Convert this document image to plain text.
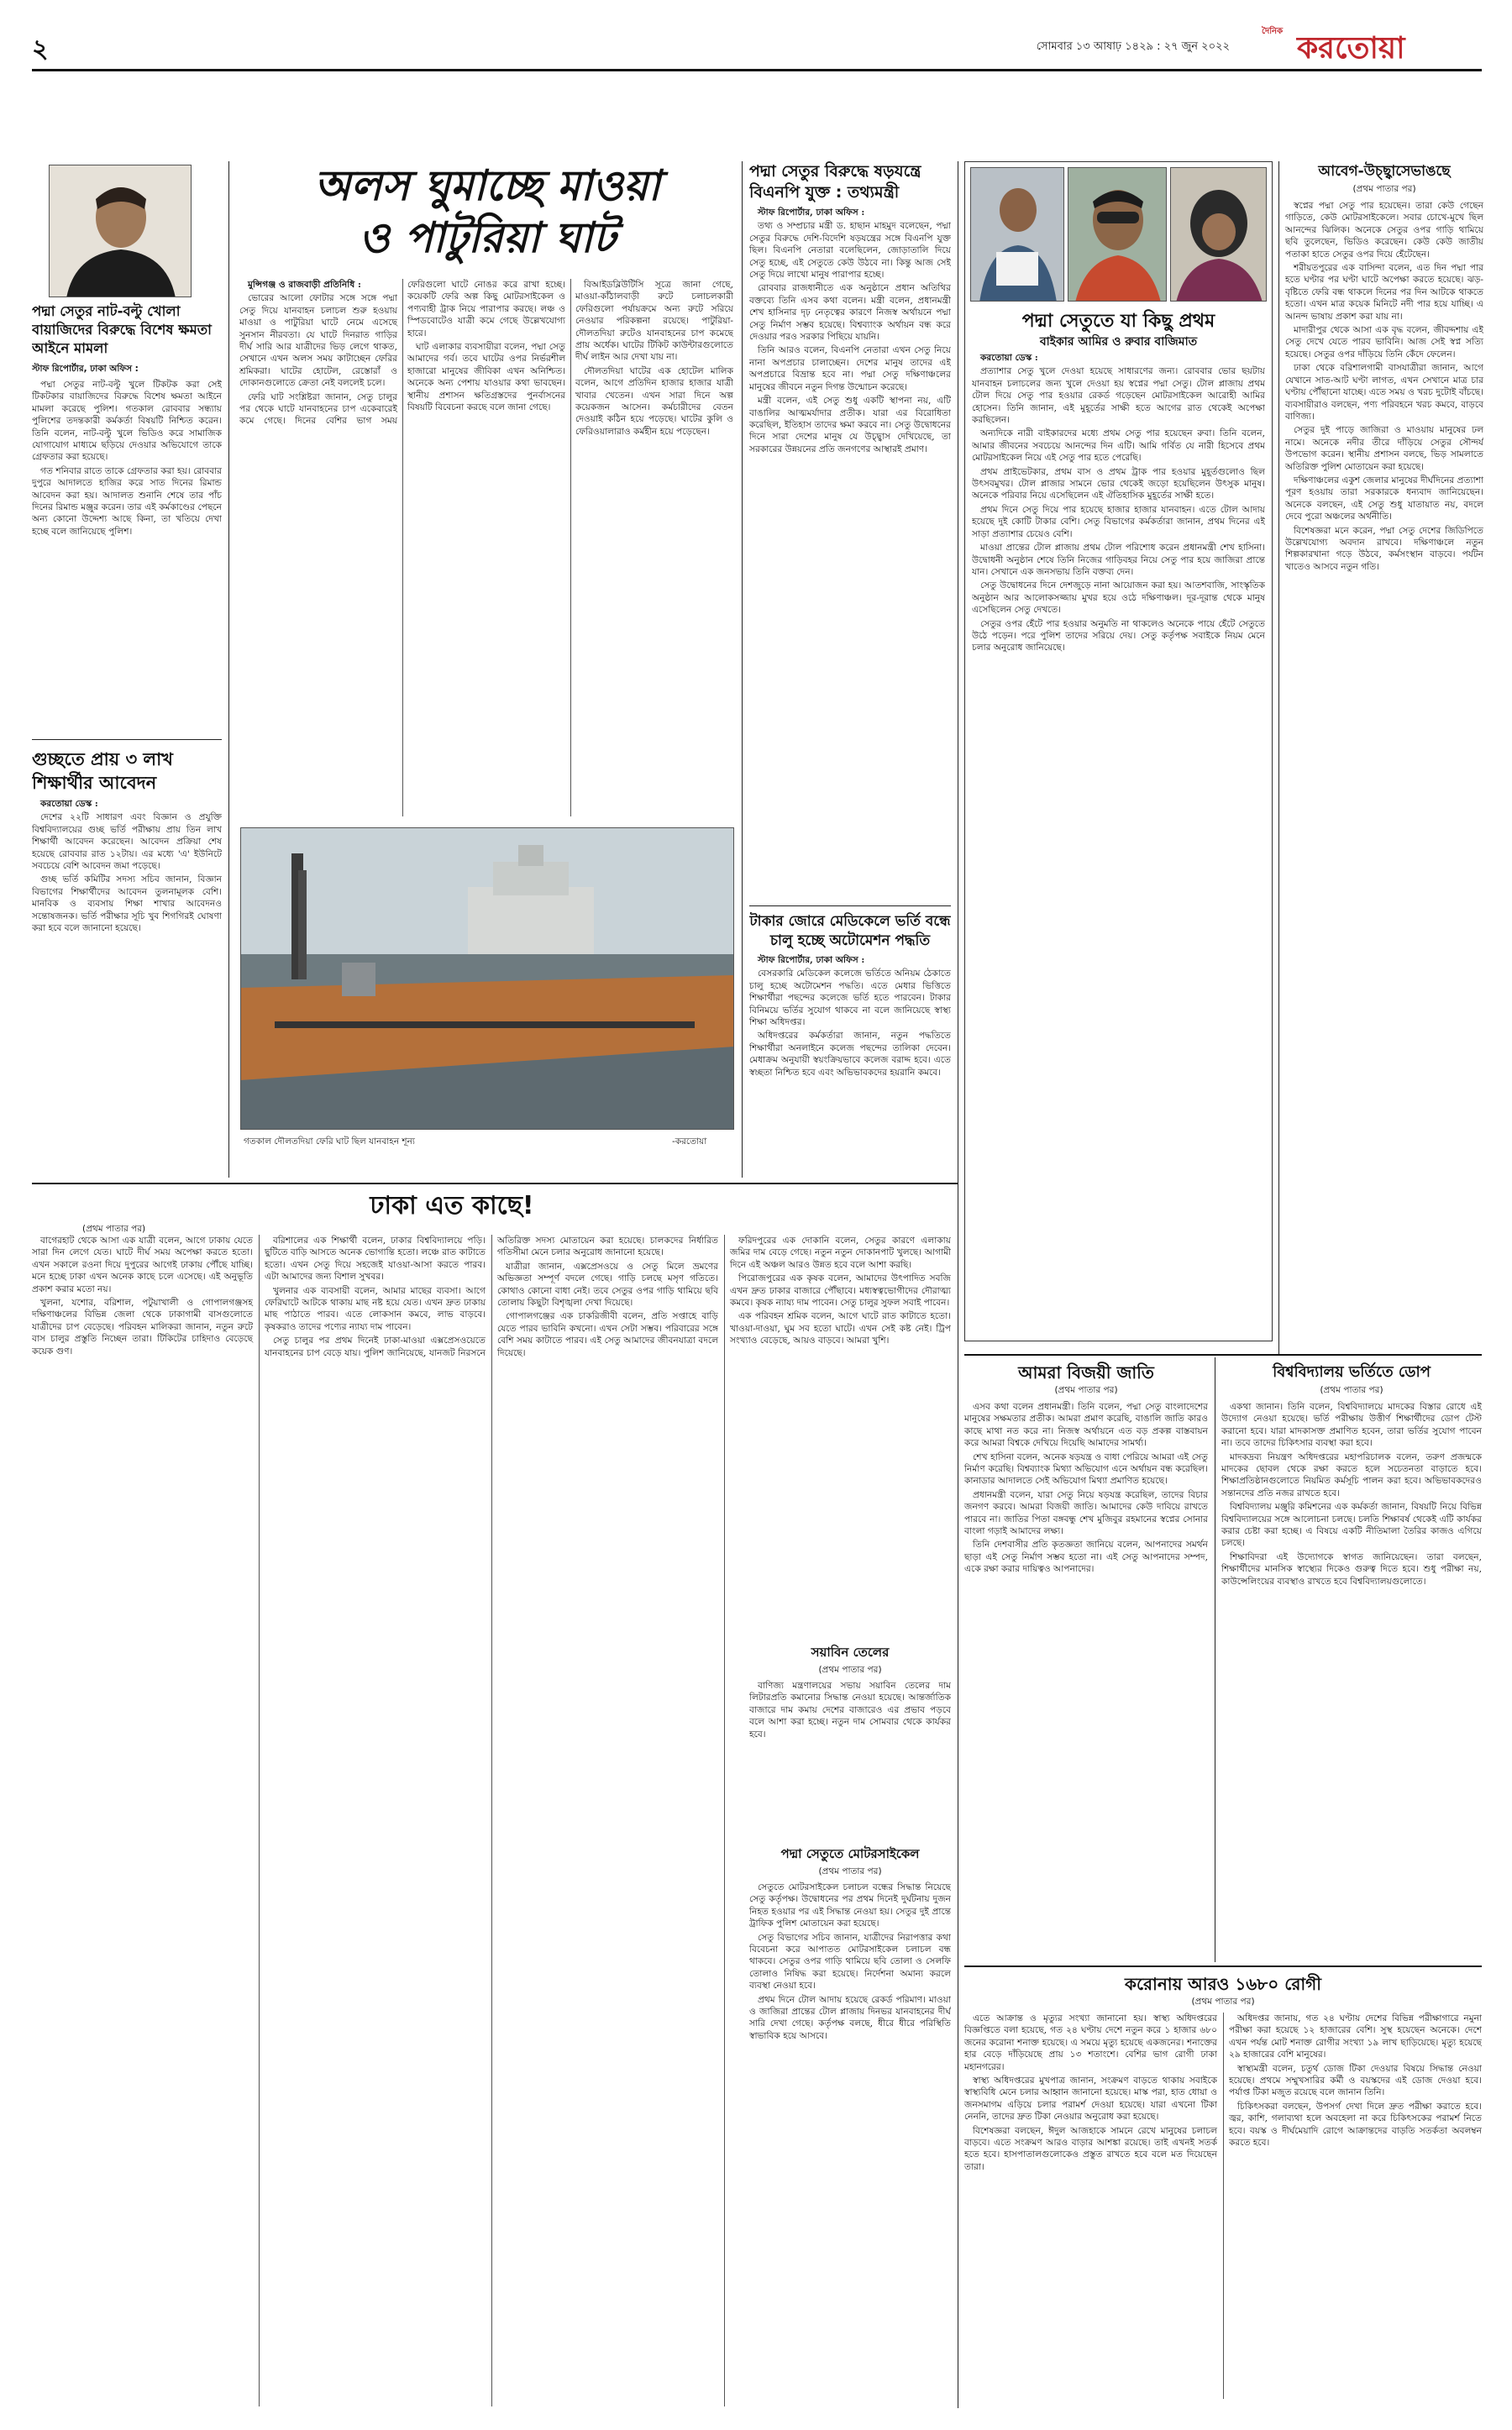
২	সোমবার ১৩ আষাঢ় ১৪২৯ : ২৭ জুন ২০২২
দৈনিক করতোয়া
পদ্মা সেতুর নাট-বল্টু খোলা বায়াজিদের বিরুদ্ধে বিশেষ ক্ষমতা আইনে মামলা
স্টাফ রিপোর্টার, ঢাকা অফিস :

পদ্মা সেতুর নাট-বল্টু খুলে টিকটক করা সেই টিকটকার বায়াজিদের বিরুদ্ধে বিশেষ ক্ষমতা আইনে মামলা করেছে পুলিশ। গতকাল রোববার সন্ধ্যায় পুলিশের তদন্তকারী কর্মকর্তা বিষয়টি নিশ্চিত করেন। তিনি বলেন, নাট-বল্টু খুলে ভিডিও করে সামাজিক যোগাযোগ মাধ্যমে ছড়িয়ে দেওয়ার অভিযোগে তাকে গ্রেফতার করা হয়েছে।

গত শনিবার রাতে তাকে গ্রেফতার করা হয়। রোববার দুপুরে আদালতে হাজির করে সাত দিনের রিমান্ড আবেদন করা হয়। আদালত শুনানি শেষে তার পাঁচ দিনের রিমান্ড মঞ্জুর করেন। তার এই কর্মকাণ্ডের পেছনে অন্য কোনো উদ্দেশ্য আছে কিনা, তা খতিয়ে দেখা হচ্ছে বলে জানিয়েছে পুলিশ।

গুচ্ছতে প্রায় ৩ লাখ শিক্ষার্থীর আবেদন

করতোয়া ডেস্ক :

দেশের ২২টি সাধারণ এবং বিজ্ঞান ও প্রযুক্তি বিশ্ববিদ্যালয়ের গুচ্ছ ভর্তি পরীক্ষায় প্রায় তিন লাখ শিক্ষার্থী আবেদন করেছেন। আবেদন প্রক্রিয়া শেষ হয়েছে রোববার রাত ১২টায়। এর মধ্যে 'এ' ইউনিটে সবচেয়ে বেশি আবেদন জমা পড়েছে।

গুচ্ছ ভর্তি কমিটির সদস্য সচিব জানান, বিজ্ঞান বিভাগের শিক্ষার্থীদের আবেদন তুলনামূলক বেশি। মানবিক ও ব্যবসায় শিক্ষা শাখার আবেদনও সন্তোষজনক। ভর্তি পরীক্ষার সূচি খুব শিগগিরই ঘোষণা করা হবে বলে জানানো হয়েছে।

অলস ঘুমাচ্ছে মাওয়া
ও পাটুরিয়া ঘাট

মুন্সিগঞ্জ ও রাজবাড়ী প্রতিনিধি :

ভোরের আলো ফোটার সঙ্গে সঙ্গে পদ্মা সেতু দিয়ে যানবাহন চলাচল শুরু হওয়ায় মাওয়া ও পাটুরিয়া ঘাটে নেমে এসেছে সুনসান নীরবতা। যে ঘাটে দিনরাত গাড়ির দীর্ঘ সারি আর যাত্রীদের ভিড় লেগে থাকত, সেখানে এখন অলস সময় কাটাচ্ছেন ফেরির শ্রমিকরা। ঘাটের হোটেল, রেস্তোরাঁ ও দোকানগুলোতে ক্রেতা নেই বললেই চলে।

ফেরি ঘাট সংশ্লিষ্টরা জানান, সেতু চালুর পর থেকে ঘাটে যানবাহনের চাপ একেবারেই কমে গেছে। দিনের বেশির ভাগ সময় ফেরিগুলো ঘাটে নোঙর করে রাখা হচ্ছে। কয়েকটি ফেরি অল্প কিছু মোটরসাইকেল ও পণ্যবাহী ট্রাক নিয়ে পারাপার করছে। লঞ্চ ও স্পিডবোটেও যাত্রী কমে গেছে উল্লেখযোগ্য হারে।

ঘাট এলাকার ব্যবসায়ীরা বলেন, পদ্মা সেতু আমাদের গর্ব। তবে ঘাটের ওপর নির্ভরশীল হাজারো মানুষের জীবিকা এখন অনিশ্চিত। অনেকে অন্য পেশায় যাওয়ার কথা ভাবছেন। স্থানীয় প্রশাসন ক্ষতিগ্রস্তদের পুনর্বাসনের বিষয়টি বিবেচনা করছে বলে জানা গেছে।

বিআইডব্লিউটিসি সূত্রে জানা গেছে, মাওয়া-কাঁঠালবাড়ী রুটে চলাচলকারী ফেরিগুলো পর্যায়ক্রমে অন্য রুটে সরিয়ে নেওয়ার পরিকল্পনা রয়েছে। পাটুরিয়া-দৌলতদিয়া রুটেও যানবাহনের চাপ কমেছে প্রায় অর্ধেক। ঘাটের টিকিট কাউন্টারগুলোতে দীর্ঘ লাইন আর দেখা যায় না।

দৌলতদিয়া ঘাটের এক হোটেল মালিক বলেন, আগে প্রতিদিন হাজার হাজার যাত্রী খাবার খেতেন। এখন সারা দিনে অল্প কয়েকজন আসেন। কর্মচারীদের বেতন দেওয়াই কঠিন হয়ে পড়েছে। ঘাটের কুলি ও ফেরিওয়ালারাও কর্মহীন হয়ে পড়েছেন।

গতকাল দৌলতদিয়া ফেরি ঘাট ছিল যানবাহন শূন্য	-করতোয়া
পদ্মা সেতুর বিরুদ্ধে ষড়যন্ত্রে বিএনপি যুক্ত : তথ্যমন্ত্রী

স্টাফ রিপোর্টার, ঢাকা অফিস :

তথ্য ও সম্প্রচার মন্ত্রী ড. হাছান মাহমুদ বলেছেন, পদ্মা সেতুর বিরুদ্ধে দেশি-বিদেশি ষড়যন্ত্রের সঙ্গে বিএনপি যুক্ত ছিল। বিএনপি নেতারা বলেছিলেন, জোড়াতালি দিয়ে সেতু হচ্ছে, এই সেতুতে কেউ উঠবে না। কিন্তু আজ সেই সেতু দিয়ে লাখো মানুষ পারাপার হচ্ছে।

রোববার রাজধানীতে এক অনুষ্ঠানে প্রধান অতিথির বক্তব্যে তিনি এসব কথা বলেন। মন্ত্রী বলেন, প্রধানমন্ত্রী শেখ হাসিনার দৃঢ় নেতৃত্বের কারণে নিজস্ব অর্থায়নে পদ্মা সেতু নির্মাণ সম্ভব হয়েছে। বিশ্বব্যাংক অর্থায়ন বন্ধ করে দেওয়ার পরও সরকার পিছিয়ে যায়নি।

তিনি আরও বলেন, বিএনপি নেতারা এখন সেতু নিয়ে নানা অপপ্রচার চালাচ্ছেন। দেশের মানুষ তাদের এই অপপ্রচারে বিভ্রান্ত হবে না। পদ্মা সেতু দক্ষিণাঞ্চলের মানুষের জীবনে নতুন দিগন্ত উন্মোচন করেছে।

মন্ত্রী বলেন, এই সেতু শুধু একটি স্থাপনা নয়, এটি বাঙালির আত্মমর্যাদার প্রতীক। যারা এর বিরোধিতা করেছিল, ইতিহাস তাদের ক্ষমা করবে না। সেতু উদ্বোধনের দিনে সারা দেশের মানুষ যে উচ্ছ্বাস দেখিয়েছে, তা সরকারের উন্নয়নের প্রতি জনগণের আস্থারই প্রমাণ।

টাকার জোরে মেডিকেলে ভর্তি বন্ধে চালু হচ্ছে অটোমেশন পদ্ধতি

স্টাফ রিপোর্টার, ঢাকা অফিস :

বেসরকারি মেডিকেল কলেজে ভর্তিতে অনিয়ম ঠেকাতে চালু হচ্ছে অটোমেশন পদ্ধতি। এতে মেধার ভিত্তিতে শিক্ষার্থীরা পছন্দের কলেজে ভর্তি হতে পারবেন। টাকার বিনিময়ে ভর্তির সুযোগ থাকবে না বলে জানিয়েছে স্বাস্থ্য শিক্ষা অধিদপ্তর।

অধিদপ্তরের কর্মকর্তারা জানান, নতুন পদ্ধতিতে শিক্ষার্থীরা অনলাইনে কলেজ পছন্দের তালিকা দেবেন। মেধাক্রম অনুযায়ী স্বয়ংক্রিয়ভাবে কলেজ বরাদ্দ হবে। এতে স্বচ্ছতা নিশ্চিত হবে এবং অভিভাবকদের হয়রানি কমবে।

পদ্মা সেতুতে যা কিছু প্রথম
বাইকার আমির ও রুবার বাজিমাত

করতোয়া ডেস্ক :

প্রত্যাশার সেতু খুলে দেওয়া হয়েছে সাধারণের জন্য। রোববার ভোর ছয়টায় যানবাহন চলাচলের জন্য খুলে দেওয়া হয় স্বপ্নের পদ্মা সেতু। টোল প্লাজায় প্রথম টোল দিয়ে সেতু পার হওয়ার রেকর্ড গড়েছেন মোটরসাইকেল আরোহী আমির হোসেন। তিনি জানান, এই মুহূর্তের সাক্ষী হতে আগের রাত থেকেই অপেক্ষা করছিলেন।

অন্যদিকে নারী বাইকারদের মধ্যে প্রথম সেতু পার হয়েছেন রুবা। তিনি বলেন, আমার জীবনের সবচেয়ে আনন্দের দিন এটি। আমি গর্বিত যে নারী হিসেবে প্রথম মোটরসাইকেল নিয়ে এই সেতু পার হতে পেরেছি।

প্রথম প্রাইভেটকার, প্রথম বাস ও প্রথম ট্রাক পার হওয়ার মুহূর্তগুলোও ছিল উৎসবমুখর। টোল প্লাজার সামনে ভোর থেকেই জড়ো হয়েছিলেন উৎসুক মানুষ। অনেকে পরিবার নিয়ে এসেছিলেন এই ঐতিহাসিক মুহূর্তের সাক্ষী হতে।

প্রথম দিনে সেতু দিয়ে পার হয়েছে হাজার হাজার যানবাহন। এতে টোল আদায় হয়েছে দুই কোটি টাকার বেশি। সেতু বিভাগের কর্মকর্তারা জানান, প্রথম দিনের এই সাড়া প্রত্যাশার চেয়েও বেশি।

মাওয়া প্রান্তের টোল প্লাজায় প্রথম টোল পরিশোধ করেন প্রধানমন্ত্রী শেখ হাসিনা। উদ্বোধনী অনুষ্ঠান শেষে তিনি নিজের গাড়িবহর নিয়ে সেতু পার হয়ে জাজিরা প্রান্তে যান। সেখানে এক জনসভায় তিনি বক্তব্য দেন।

সেতু উদ্বোধনের দিনে দেশজুড়ে নানা আয়োজন করা হয়। আতশবাজি, সাংস্কৃতিক অনুষ্ঠান আর আলোকসজ্জায় মুখর হয়ে ওঠে দক্ষিণাঞ্চল। দূর-দূরান্ত থেকে মানুষ এসেছিলেন সেতু দেখতে।

সেতুর ওপর হেঁটে পার হওয়ার অনুমতি না থাকলেও অনেকে পায়ে হেঁটে সেতুতে উঠে পড়েন। পরে পুলিশ তাদের সরিয়ে দেয়। সেতু কর্তৃপক্ষ সবাইকে নিয়ম মেনে চলার অনুরোধ জানিয়েছে।

আবেগ-উচ্ছ্বাসেভাঙছে
(প্রথম পাতার পর)

স্বপ্নের পদ্মা সেতু পার হয়েছেন। তারা কেউ গেছেন গাড়িতে, কেউ মোটরসাইকেলে। সবার চোখে-মুখে ছিল আনন্দের ঝিলিক। অনেকে সেতুর ওপর গাড়ি থামিয়ে ছবি তুলেছেন, ভিডিও করেছেন। কেউ কেউ জাতীয় পতাকা হাতে সেতুর ওপর দিয়ে হেঁটেছেন।

শরীয়তপুরের এক বাসিন্দা বলেন, এত দিন পদ্মা পার হতে ঘণ্টার পর ঘণ্টা ঘাটে অপেক্ষা করতে হয়েছে। ঝড়-বৃষ্টিতে ফেরি বন্ধ থাকলে দিনের পর দিন আটকে থাকতে হতো। এখন মাত্র কয়েক মিনিটে নদী পার হয়ে যাচ্ছি। এ আনন্দ ভাষায় প্রকাশ করা যায় না।

মাদারীপুর থেকে আসা এক বৃদ্ধ বলেন, জীবদ্দশায় এই সেতু দেখে যেতে পারব ভাবিনি। আজ সেই স্বপ্ন সত্যি হয়েছে। সেতুর ওপর দাঁড়িয়ে তিনি কেঁদে ফেলেন।

ঢাকা থেকে বরিশালগামী বাসযাত্রীরা জানান, আগে যেখানে সাত-আট ঘণ্টা লাগত, এখন সেখানে মাত্র চার ঘণ্টায় পৌঁছানো যাচ্ছে। এতে সময় ও খরচ দুটোই বাঁচছে। ব্যবসায়ীরাও বলছেন, পণ্য পরিবহনে খরচ কমবে, বাড়বে বাণিজ্য।

সেতুর দুই পাড়ে জাজিরা ও মাওয়ায় মানুষের ঢল নামে। অনেকে নদীর তীরে দাঁড়িয়ে সেতুর সৌন্দর্য উপভোগ করেন। স্থানীয় প্রশাসন বলছে, ভিড় সামলাতে অতিরিক্ত পুলিশ মোতায়েন করা হয়েছে।

দক্ষিণাঞ্চলের একুশ জেলার মানুষের দীর্ঘদিনের প্রত্যাশা পূরণ হওয়ায় তারা সরকারকে ধন্যবাদ জানিয়েছেন। অনেকে বলছেন, এই সেতু শুধু যাতায়াত নয়, বদলে দেবে পুরো অঞ্চলের অর্থনীতি।

বিশেষজ্ঞরা মনে করেন, পদ্মা সেতু দেশের জিডিপিতে উল্লেখযোগ্য অবদান রাখবে। দক্ষিণাঞ্চলে নতুন শিল্পকারখানা গড়ে উঠবে, কর্মসংস্থান বাড়বে। পর্যটন খাতেও আসবে নতুন গতি।

ঢাকা এত কাছে!
(প্রথম পাতার পর)

বাগেরহাট থেকে আসা এক যাত্রী বলেন, আগে ঢাকায় যেতে সারা দিন লেগে যেত। ঘাটে দীর্ঘ সময় অপেক্ষা করতে হতো। এখন সকালে রওনা দিয়ে দুপুরের আগেই ঢাকায় পৌঁছে যাচ্ছি। মনে হচ্ছে ঢাকা এখন অনেক কাছে চলে এসেছে। এই অনুভূতি প্রকাশ করার মতো নয়।

খুলনা, যশোর, বরিশাল, পটুয়াখালী ও গোপালগঞ্জসহ দক্ষিণাঞ্চলের বিভিন্ন জেলা থেকে ঢাকাগামী বাসগুলোতে যাত্রীদের চাপ বেড়েছে। পরিবহন মালিকরা জানান, নতুন রুটে বাস চালুর প্রস্তুতি নিচ্ছেন তারা। টিকিটের চাহিদাও বেড়েছে কয়েক গুণ।

বরিশালের এক শিক্ষার্থী বলেন, ঢাকার বিশ্ববিদ্যালয়ে পড়ি। ছুটিতে বাড়ি আসতে অনেক ভোগান্তি হতো। লঞ্চে রাত কাটাতে হতো। এখন সেতু দিয়ে সহজেই যাওয়া-আসা করতে পারব। এটা আমাদের জন্য বিশাল সুখবর।

খুলনার এক ব্যবসায়ী বলেন, আমার মাছের ব্যবসা। আগে ফেরিঘাটে আটকে থাকায় মাছ নষ্ট হয়ে যেত। এখন দ্রুত ঢাকায় মাছ পাঠাতে পারব। এতে লোকসান কমবে, লাভ বাড়বে। কৃষকরাও তাদের পণ্যের ন্যায্য দাম পাবেন।

সেতু চালুর পর প্রথম দিনেই ঢাকা-মাওয়া এক্সপ্রেসওয়েতে যানবাহনের চাপ বেড়ে যায়। পুলিশ জানিয়েছে, যানজট নিরসনে অতিরিক্ত সদস্য মোতায়েন করা হয়েছে। চালকদের নির্ধারিত গতিসীমা মেনে চলার অনুরোধ জানানো হয়েছে।

যাত্রীরা জানান, এক্সপ্রেসওয়ে ও সেতু মিলে ভ্রমণের অভিজ্ঞতা সম্পূর্ণ বদলে গেছে। গাড়ি চলছে মসৃণ গতিতে। কোথাও কোনো বাধা নেই। তবে সেতুর ওপর গাড়ি থামিয়ে ছবি তোলায় কিছুটা বিশৃঙ্খলা দেখা দিয়েছে।

গোপালগঞ্জের এক চাকরিজীবী বলেন, প্রতি সপ্তাহে বাড়ি যেতে পারব ভাবিনি কখনো। এখন সেটা সম্ভব। পরিবারের সঙ্গে বেশি সময় কাটাতে পারব। এই সেতু আমাদের জীবনযাত্রা বদলে দিয়েছে।

ফরিদপুরের এক দোকানি বলেন, সেতুর কারণে এলাকায় জমির দাম বেড়ে গেছে। নতুন নতুন দোকানপাট খুলছে। আগামী দিনে এই অঞ্চল আরও উন্নত হবে বলে আশা করছি।

পিরোজপুরের এক কৃষক বলেন, আমাদের উৎপাদিত সবজি এখন দ্রুত ঢাকার বাজারে পৌঁছাবে। মধ্যস্বত্বভোগীদের দৌরাত্ম্য কমবে। কৃষক ন্যায্য দাম পাবেন। সেতু চালুর সুফল সবাই পাবেন।

এক পরিবহন শ্রমিক বলেন, আগে ঘাটে রাত কাটাতে হতো। খাওয়া-দাওয়া, ঘুম সব হতো ঘাটে। এখন সেই কষ্ট নেই। ট্রিপ সংখ্যাও বেড়েছে, আয়ও বাড়বে। আমরা খুশি।

সয়াবিন তেলের
(প্রথম পাতার পর)

বাণিজ্য মন্ত্রণালয়ের সভায় সয়াবিন তেলের দাম লিটারপ্রতি কমানোর সিদ্ধান্ত নেওয়া হয়েছে। আন্তর্জাতিক বাজারে দাম কমায় দেশের বাজারেও এর প্রভাব পড়বে বলে আশা করা হচ্ছে। নতুন দাম সোমবার থেকে কার্যকর হবে।

পদ্মা সেতুতে মোটরসাইকেল
(প্রথম পাতার পর)

সেতুতে মোটরসাইকেল চলাচল বন্ধের সিদ্ধান্ত নিয়েছে সেতু কর্তৃপক্ষ। উদ্বোধনের পর প্রথম দিনেই দুর্ঘটনায় দুজন নিহত হওয়ার পর এই সিদ্ধান্ত নেওয়া হয়। সেতুর দুই প্রান্তে ট্রাফিক পুলিশ মোতায়েন করা হয়েছে।

সেতু বিভাগের সচিব জানান, যাত্রীদের নিরাপত্তার কথা বিবেচনা করে আপাতত মোটরসাইকেল চলাচল বন্ধ থাকবে। সেতুর ওপর গাড়ি থামিয়ে ছবি তোলা ও সেলফি তোলাও নিষিদ্ধ করা হয়েছে। নির্দেশনা অমান্য করলে ব্যবস্থা নেওয়া হবে।

প্রথম দিনে টোল আদায় হয়েছে রেকর্ড পরিমাণ। মাওয়া ও জাজিরা প্রান্তের টোল প্লাজায় দিনভর যানবাহনের দীর্ঘ সারি দেখা গেছে। কর্তৃপক্ষ বলছে, ধীরে ধীরে পরিস্থিতি স্বাভাবিক হয়ে আসবে।

আমরা বিজয়ী জাতি
(প্রথম পাতার পর)

এসব কথা বলেন প্রধানমন্ত্রী। তিনি বলেন, পদ্মা সেতু বাংলাদেশের মানুষের সক্ষমতার প্রতীক। আমরা প্রমাণ করেছি, বাঙালি জাতি কারও কাছে মাথা নত করে না। নিজস্ব অর্থায়নে এত বড় প্রকল্প বাস্তবায়ন করে আমরা বিশ্বকে দেখিয়ে দিয়েছি আমাদের সামর্থ্য।

শেখ হাসিনা বলেন, অনেক ষড়যন্ত্র ও বাধা পেরিয়ে আমরা এই সেতু নির্মাণ করেছি। বিশ্বব্যাংক মিথ্যা অভিযোগ এনে অর্থায়ন বন্ধ করেছিল। কানাডার আদালতে সেই অভিযোগ মিথ্যা প্রমাণিত হয়েছে।

প্রধানমন্ত্রী বলেন, যারা সেতু নিয়ে ষড়যন্ত্র করেছিল, তাদের বিচার জনগণ করবে। আমরা বিজয়ী জাতি। আমাদের কেউ দাবিয়ে রাখতে পারবে না। জাতির পিতা বঙ্গবন্ধু শেখ মুজিবুর রহমানের স্বপ্নের সোনার বাংলা গড়াই আমাদের লক্ষ্য।

তিনি দেশবাসীর প্রতি কৃতজ্ঞতা জানিয়ে বলেন, আপনাদের সমর্থন ছাড়া এই সেতু নির্মাণ সম্ভব হতো না। এই সেতু আপনাদের সম্পদ, একে রক্ষা করার দায়িত্বও আপনাদের।

বিশ্ববিদ্যালয় ভর্তিতে ডোপ
(প্রথম পাতার পর)

একথা জানান। তিনি বলেন, বিশ্ববিদ্যালয়ে মাদকের বিস্তার রোধে এই উদ্যোগ নেওয়া হয়েছে। ভর্তি পরীক্ষায় উত্তীর্ণ শিক্ষার্থীদের ডোপ টেস্ট করানো হবে। যারা মাদকাসক্ত প্রমাণিত হবেন, তারা ভর্তির সুযোগ পাবেন না। তবে তাদের চিকিৎসার ব্যবস্থা করা হবে।

মাদকদ্রব্য নিয়ন্ত্রণ অধিদপ্তরের মহাপরিচালক বলেন, তরুণ প্রজন্মকে মাদকের ছোবল থেকে রক্ষা করতে হলে সচেতনতা বাড়াতে হবে। শিক্ষাপ্রতিষ্ঠানগুলোতে নিয়মিত কর্মসূচি পালন করা হবে। অভিভাবকদেরও সন্তানদের প্রতি নজর রাখতে হবে।

বিশ্ববিদ্যালয় মঞ্জুরি কমিশনের এক কর্মকর্তা জানান, বিষয়টি নিয়ে বিভিন্ন বিশ্ববিদ্যালয়ের সঙ্গে আলোচনা চলছে। চলতি শিক্ষাবর্ষ থেকেই এটি কার্যকর করার চেষ্টা করা হচ্ছে। এ বিষয়ে একটি নীতিমালা তৈরির কাজও এগিয়ে চলছে।

শিক্ষাবিদরা এই উদ্যোগকে স্বাগত জানিয়েছেন। তারা বলছেন, শিক্ষার্থীদের মানসিক স্বাস্থ্যের দিকেও গুরুত্ব দিতে হবে। শুধু পরীক্ষা নয়, কাউন্সেলিংয়ের ব্যবস্থাও রাখতে হবে বিশ্ববিদ্যালয়গুলোতে।

করোনায় আরও ১৬৮০ রোগী
(প্রথম পাতার পর)

এতে আক্রান্ত ও মৃত্যুর সংখ্যা জানানো হয়। স্বাস্থ্য অধিদপ্তরের বিজ্ঞপ্তিতে বলা হয়েছে, গত ২৪ ঘণ্টায় দেশে নতুন করে ১ হাজার ৬৮০ জনের করোনা শনাক্ত হয়েছে। এ সময়ে মৃত্যু হয়েছে একজনের। শনাক্তের হার বেড়ে দাঁড়িয়েছে প্রায় ১৩ শতাংশে। বেশির ভাগ রোগী ঢাকা মহানগরের।

স্বাস্থ্য অধিদপ্তরের মুখপাত্র জানান, সংক্রমণ বাড়তে থাকায় সবাইকে স্বাস্থ্যবিধি মেনে চলার আহ্বান জানানো হয়েছে। মাস্ক পরা, হাত ধোয়া ও জনসমাগম এড়িয়ে চলার পরামর্শ দেওয়া হয়েছে। যারা এখনো টিকা নেননি, তাদের দ্রুত টিকা নেওয়ার অনুরোধ করা হয়েছে।

বিশেষজ্ঞরা বলছেন, ঈদুল আজহাকে সামনে রেখে মানুষের চলাচল বাড়বে। এতে সংক্রমণ আরও বাড়ার আশঙ্কা রয়েছে। তাই এখনই সতর্ক হতে হবে। হাসপাতালগুলোকেও প্রস্তুত রাখতে হবে বলে মত দিয়েছেন তারা।

অধিদপ্তর জানায়, গত ২৪ ঘণ্টায় দেশের বিভিন্ন পরীক্ষাগারে নমুনা পরীক্ষা করা হয়েছে ১২ হাজারের বেশি। সুস্থ হয়েছেন অনেকে। দেশে এখন পর্যন্ত মোট শনাক্ত রোগীর সংখ্যা ১৯ লাখ ছাড়িয়েছে। মৃত্যু হয়েছে ২৯ হাজারের বেশি মানুষের।

স্বাস্থ্যমন্ত্রী বলেন, চতুর্থ ডোজ টিকা দেওয়ার বিষয়ে সিদ্ধান্ত নেওয়া হয়েছে। প্রথমে সম্মুখসারির কর্মী ও বয়স্কদের এই ডোজ দেওয়া হবে। পর্যাপ্ত টিকা মজুত রয়েছে বলে জানান তিনি।

চিকিৎসকরা বলছেন, উপসর্গ দেখা দিলে দ্রুত পরীক্ষা করাতে হবে। জ্বর, কাশি, গলাব্যথা হলে অবহেলা না করে চিকিৎসকের পরামর্শ নিতে হবে। বয়স্ক ও দীর্ঘমেয়াদি রোগে আক্রান্তদের বাড়তি সতর্কতা অবলম্বন করতে হবে।
